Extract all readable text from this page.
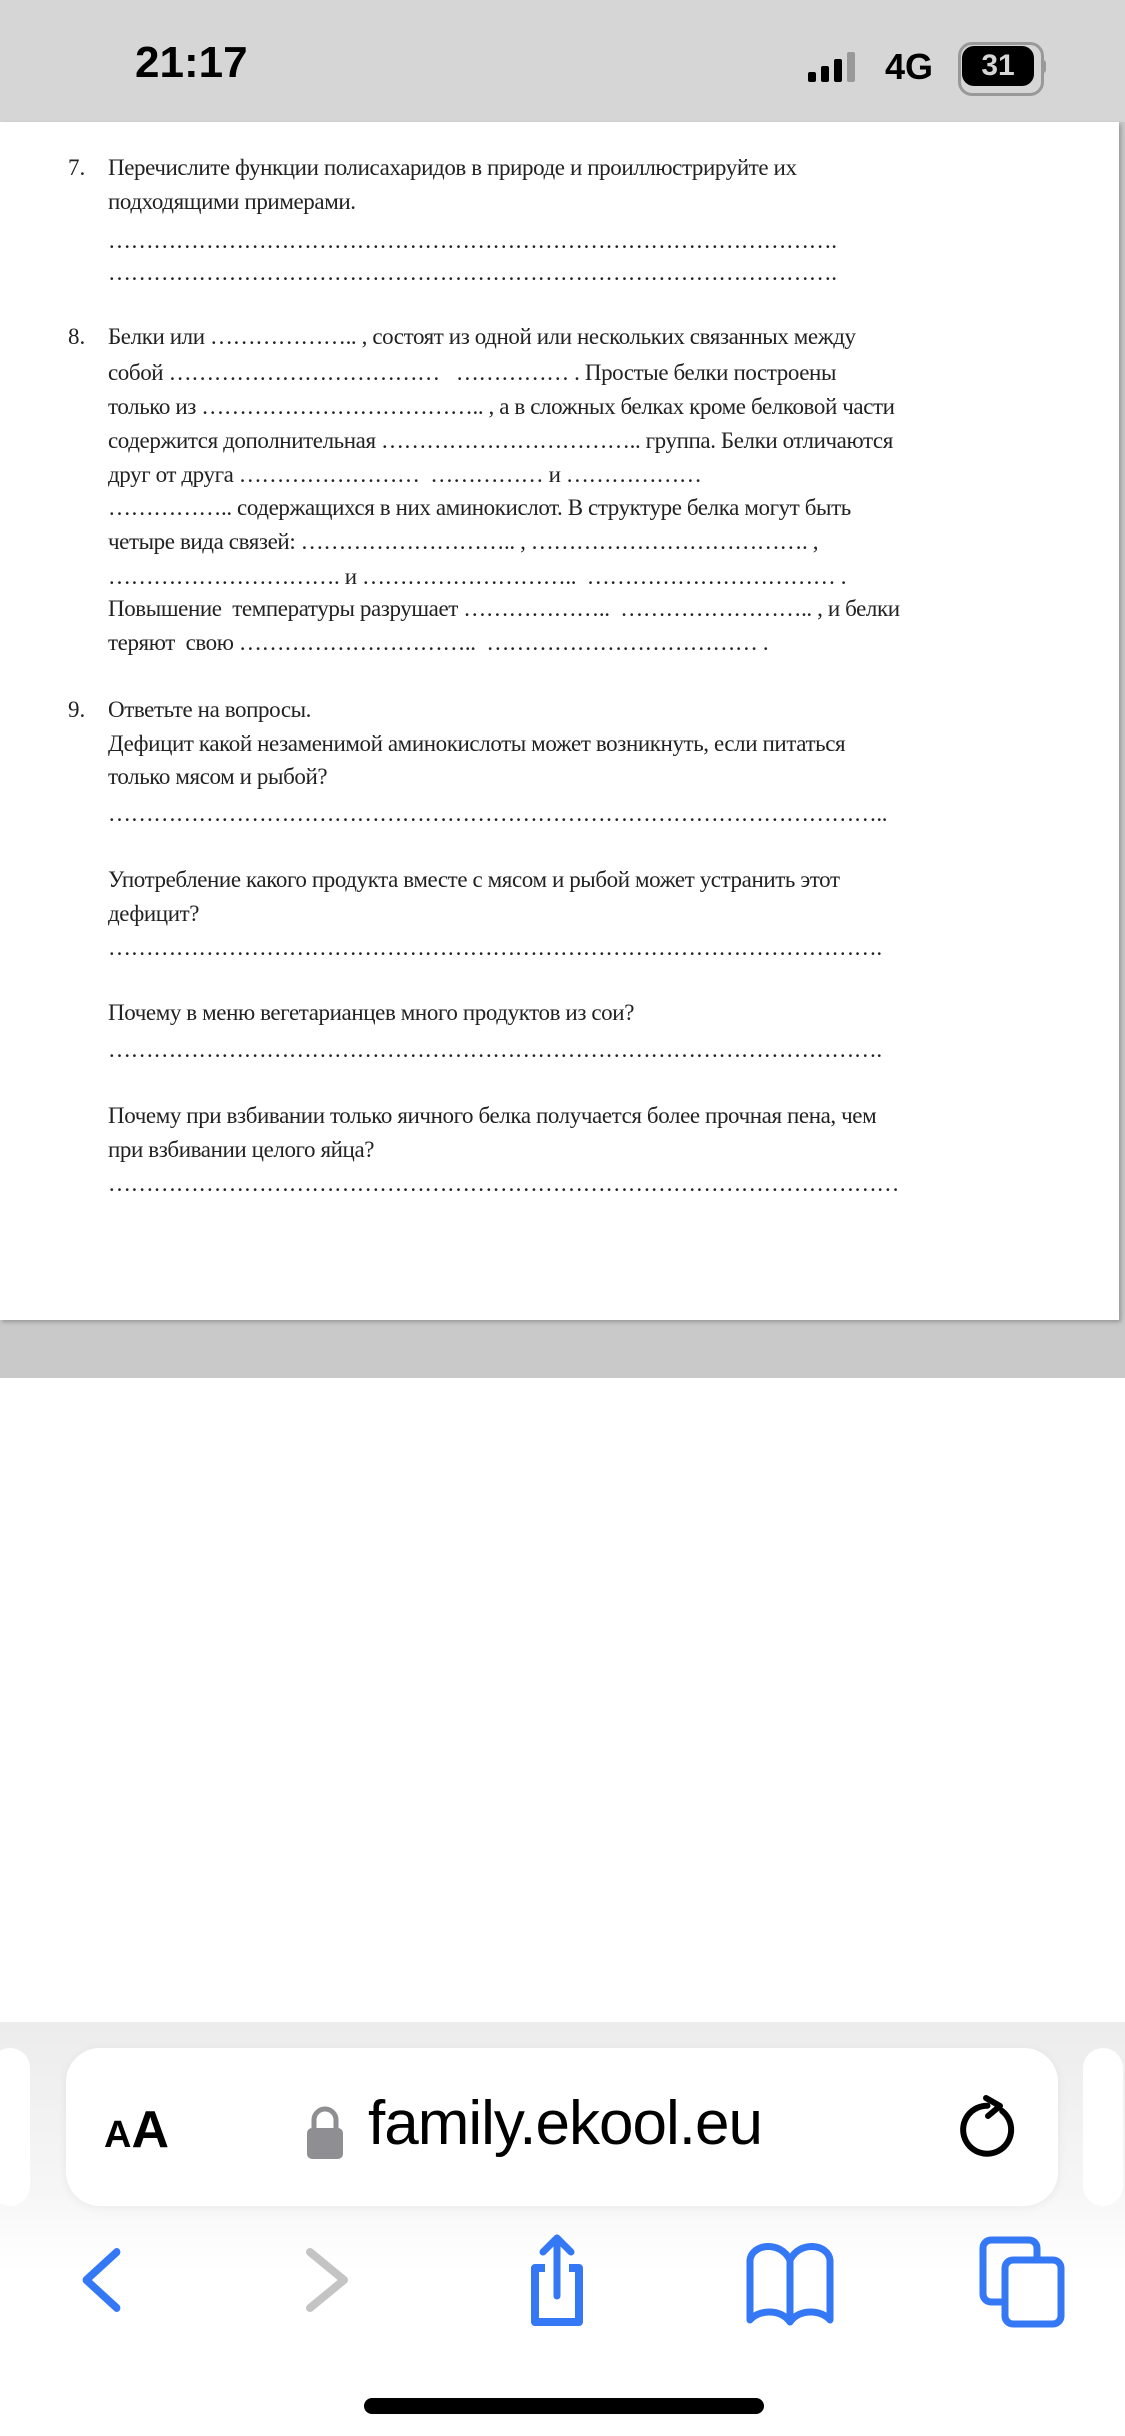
21:17	4G	31
7. Перечислите функции полисахаридов в природе и проиллюстрируйте их
подходящими примерами.
…………………………………………………………………………………….
…………………………………………………………………………………….
8. Белки или ……………….. , состоят из одной или нескольких связанных между
собой ………………………………   …………… . Простые белки построены
только из ……………………………….. , а в сложных белках кроме белковой части
содержится дополнительная …………………………….. группа. Белки отличаются
друг от друга ……………………  …………… и ………………
…………….. содержащихся в них аминокислот. В структуре белка могут быть
четыре вида связей: ……………………….. , ………………………………. ,
…………………………. и ………………………..  …………………………… .
Повышение  температуры разрушает ………………..  …………………….. , и белки
теряют  свою …………………………..  ……………………………… .
9. Ответьте на вопросы.
Дефицит какой незаменимой аминокислоты может возникнуть, если питаться
только мясом и рыбой?
…………………………………………………………………………………………..
Употребление какого продукта вместе с мясом и рыбой может устранить этот
дефицит?
………………………………………………………………………………………….
Почему в меню вегетарианцев много продуктов из сои?
………………………………………………………………………………………….
Почему при взбивании только яичного белка получается более прочная пена, чем
при взбивании целого яйца?
……………………………………………………………………………………………
AA	family.ekool.eu
